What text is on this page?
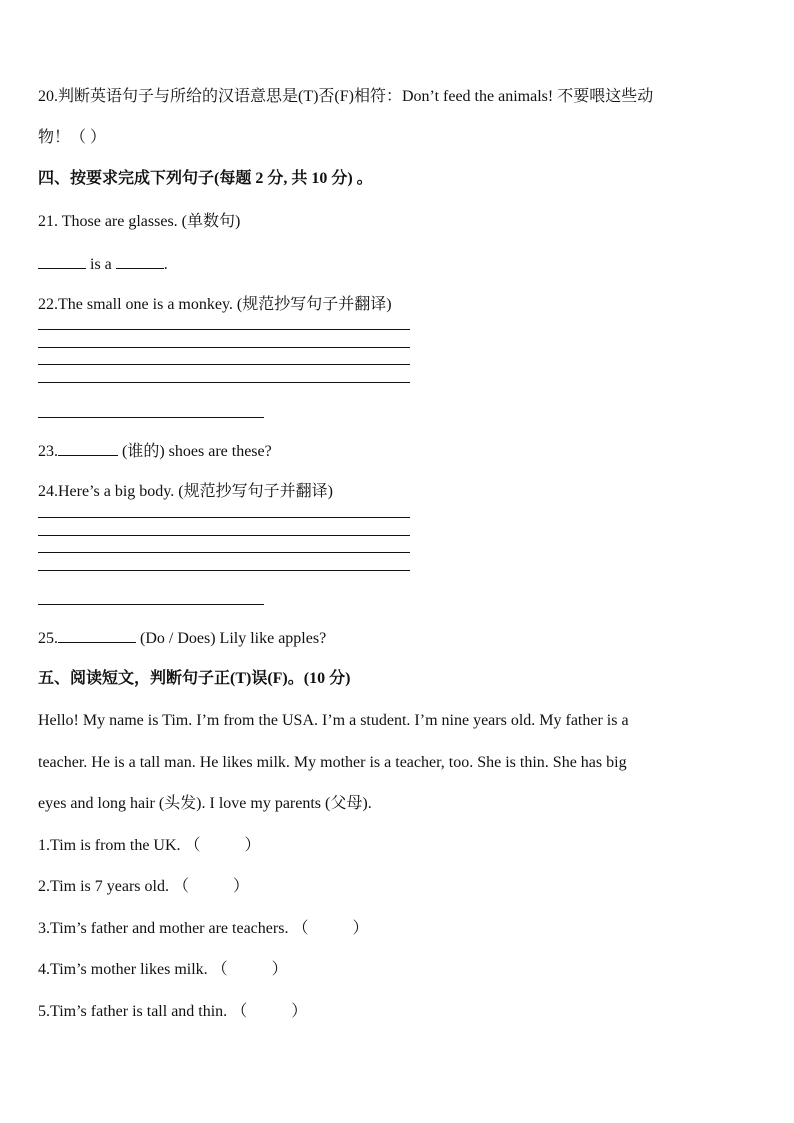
20.判断英语句子与所给的汉语意思是(T)否(F)相符：Don’t feed the animals! 不要喂这些动
物！（ ）
四、按要求完成下列句子(每题 2 分, 共 10 分) 。
21. Those are glasses. (单数句)
is a	.
22.The small one is a monkey. (规范抄写句子并翻译)
23.	(谁的) shoes are these?
24.Here’s a big body. (规范抄写句子并翻译)
25.	(Do / Does) Lily like apples?
五、阅读短文，判断句子正(T)误(F)。(10 分)
Hello! My name is Tim. I’m from the USA. I’m a student. I’m nine years old. My father is a
teacher. He is a tall man. He likes milk. My mother is a teacher, too. She is thin. She has big
eyes and long hair (头发). I love my parents (父母).
1.Tim is from the UK. （           ）
2.Tim is 7 years old. （           ）
3.Tim’s father and mother are teachers. （           ）
4.Tim’s mother likes milk. （           ）
5.Tim’s father is tall and thin. （           ）
